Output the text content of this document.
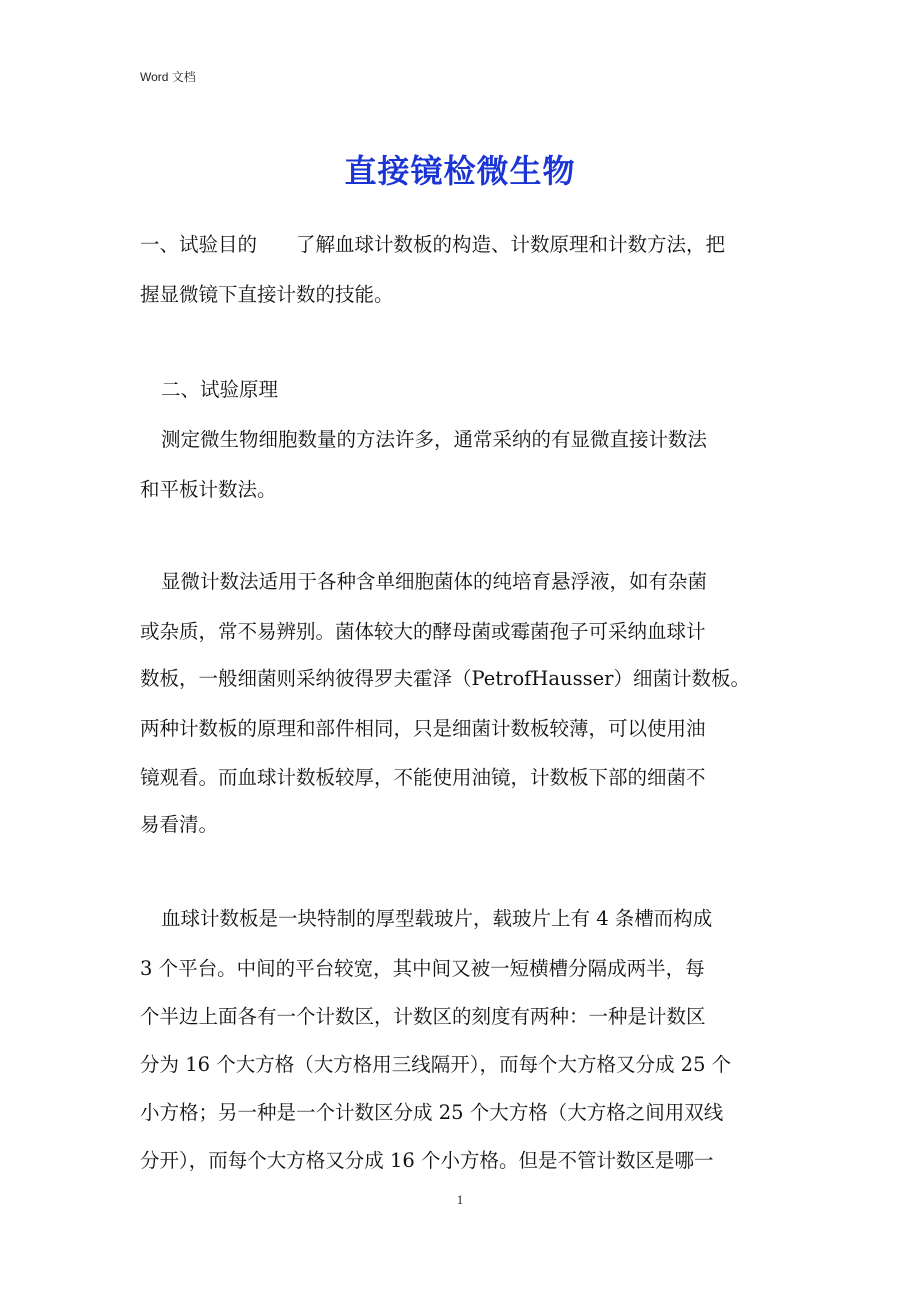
Word 文档
直接镜检微生物
一、试验目的　　了解血球计数板的构造、计数原理和计数方法，把
握显微镜下直接计数的技能。
二、试验原理
测定微生物细胞数量的方法许多，通常采纳的有显微直接计数法
和平板计数法。
显微计数法适用于各种含单细胞菌体的纯培育悬浮液，如有杂菌
或杂质，常不易辨别。菌体较大的酵母菌或霉菌孢子可采纳血球计
数板，一般细菌则采纳彼得罗夫霍泽（PetrofHausser）细菌计数板。
两种计数板的原理和部件相同，只是细菌计数板较薄，可以使用油
镜观看。而血球计数板较厚，不能使用油镜，计数板下部的细菌不
易看清。
血球计数板是一块特制的厚型载玻片，载玻片上有 4 条槽而构成
3 个平台。中间的平台较宽，其中间又被一短横槽分隔成两半，每
个半边上面各有一个计数区，计数区的刻度有两种：一种是计数区
分为 16 个大方格（大方格用三线隔开），而每个大方格又分成 25 个
小方格；另一种是一个计数区分成 25 个大方格（大方格之间用双线
分开），而每个大方格又分成 16 个小方格。但是不管计数区是哪一
1
